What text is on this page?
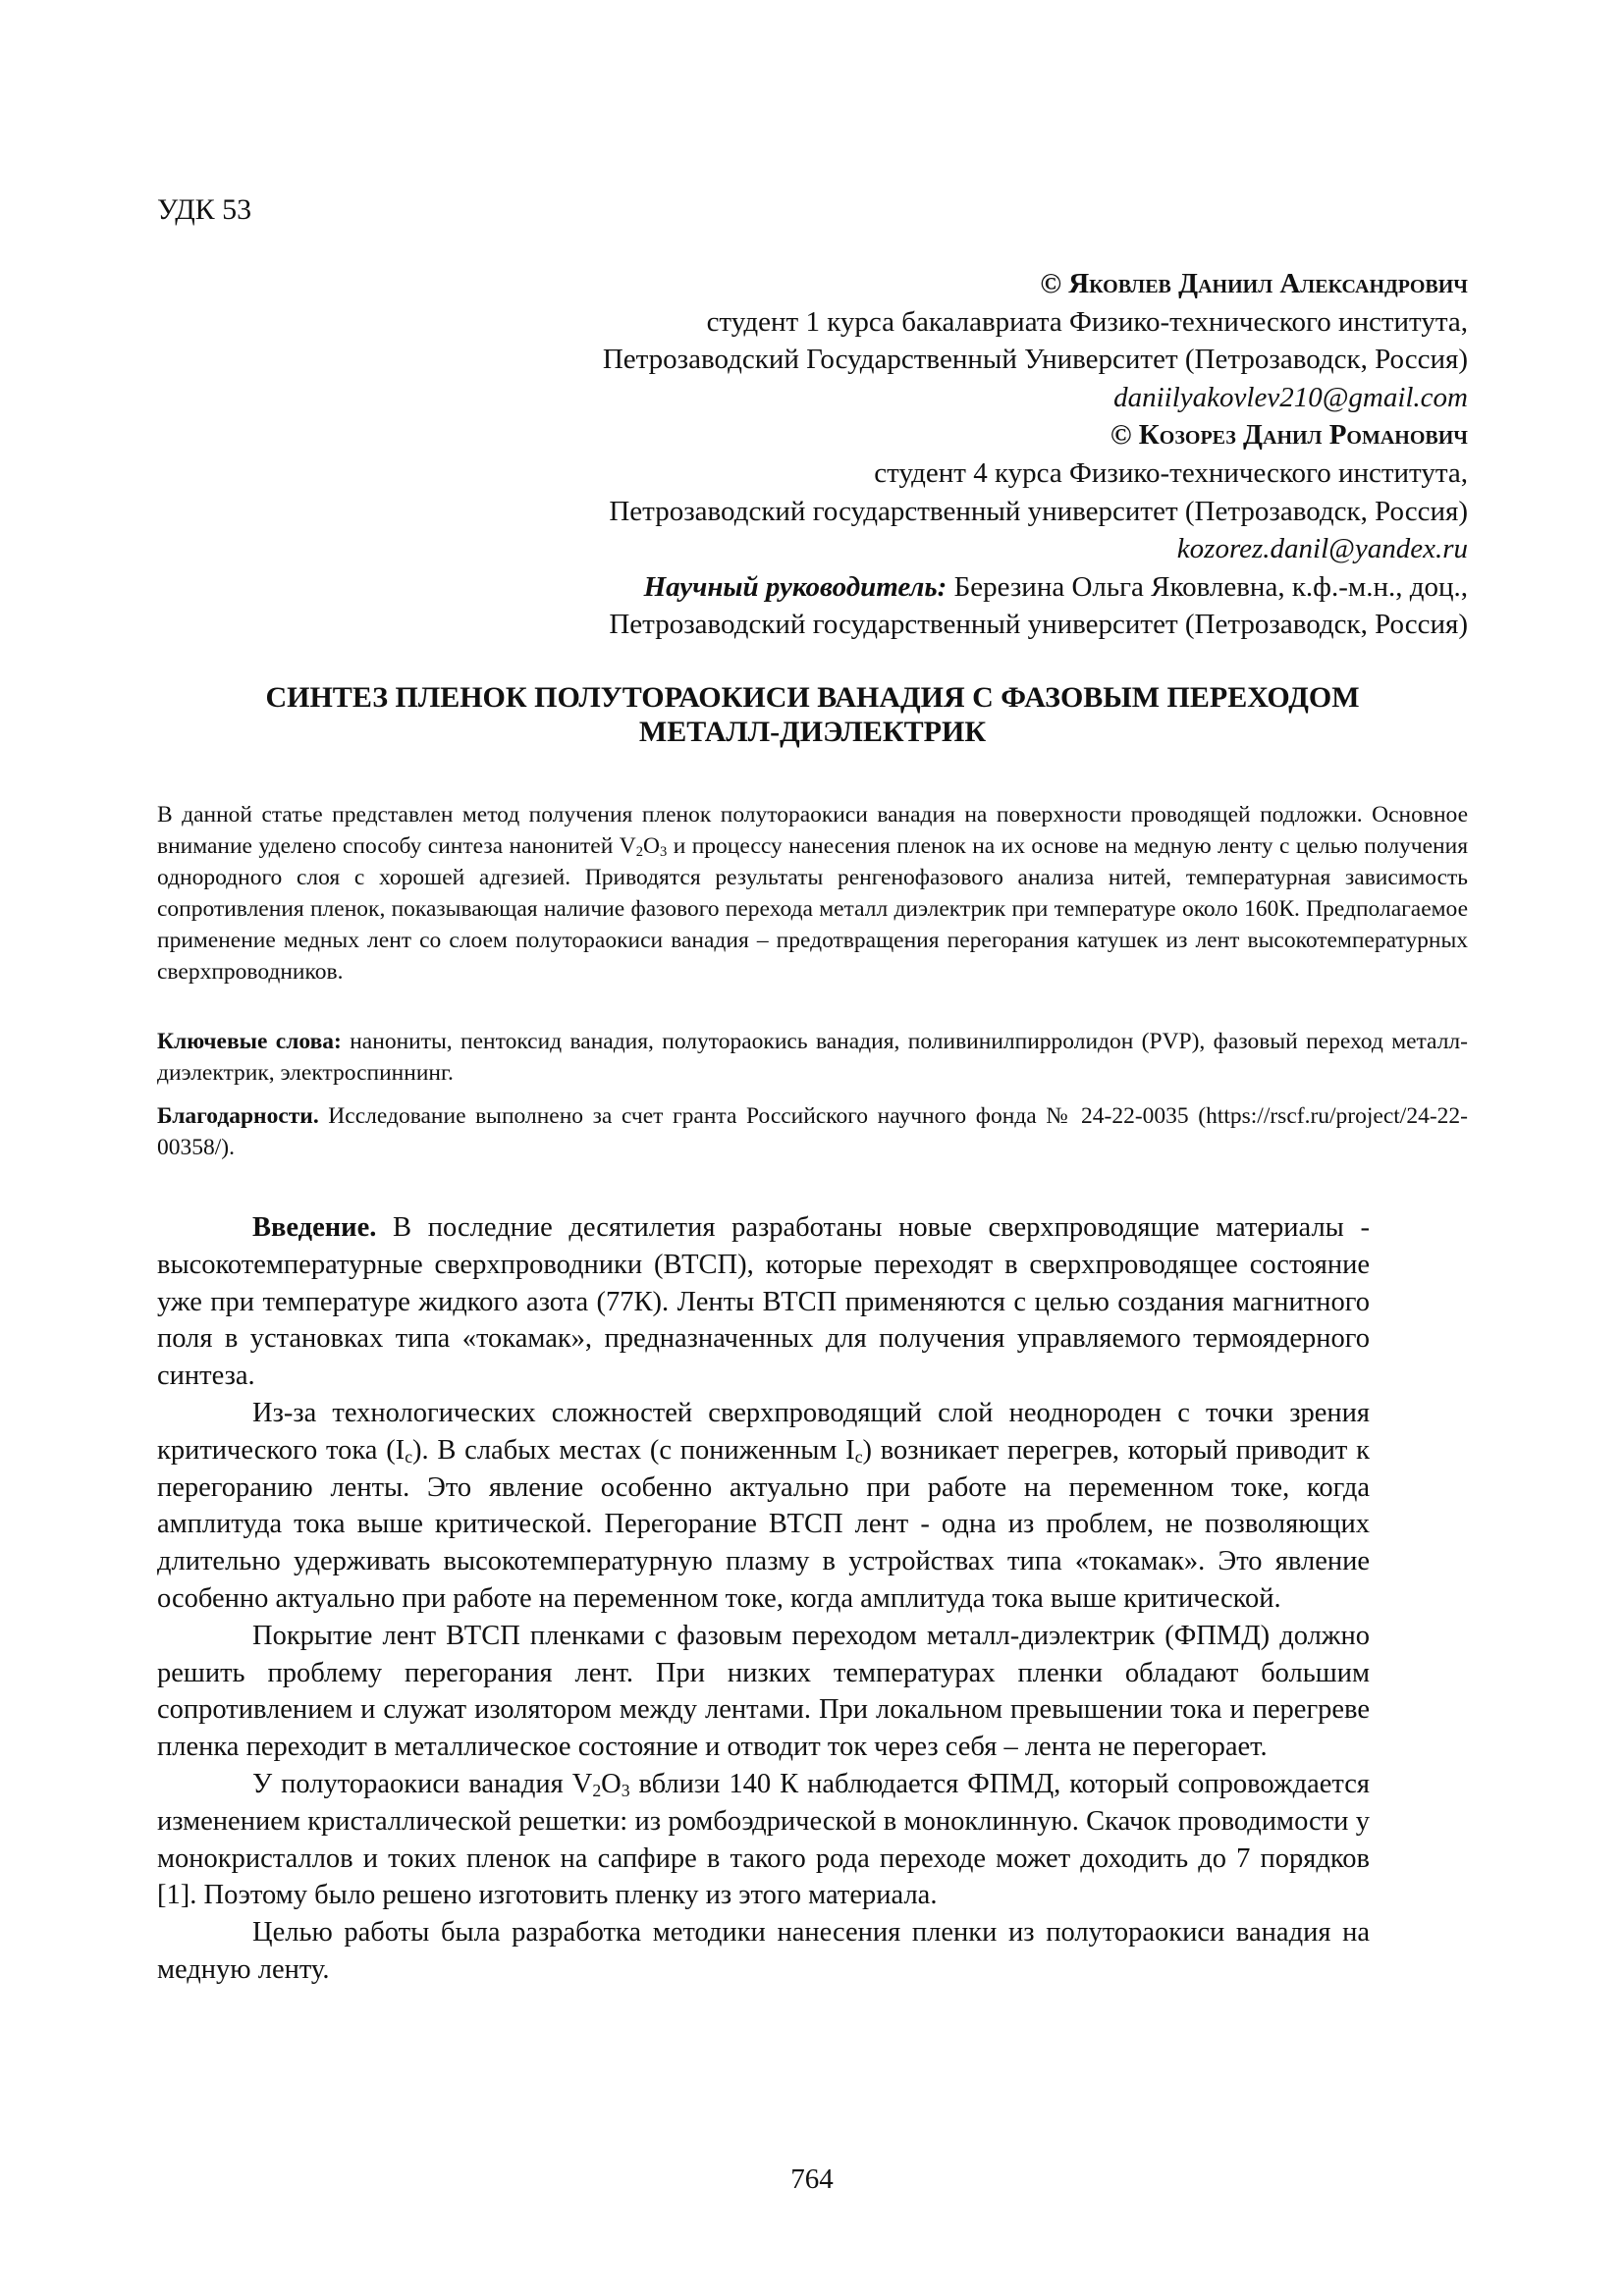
УДК 53
© Яковлев Даниил Александрович
студент 1 курса бакалавриата Физико-технического института,
Петрозаводский Государственный Университет (Петрозаводск, Россия)
daniilyakovlev210@gmail.com
© Козорез Данил Романович
студент 4 курса Физико-технического института,
Петрозаводский государственный университет (Петрозаводск, Россия)
kozorez.danil@yandex.ru
Научный руководитель: Березина Ольга Яковлевна, к.ф.-м.н., доц.,
Петрозаводский государственный университет (Петрозаводск, Россия)
СИНТЕЗ ПЛЕНОК ПОЛУТОРАОКИСИ ВАНАДИЯ С ФАЗОВЫМ ПЕРЕХОДОМ
МЕТАЛЛ-ДИЭЛЕКТРИК
В данной статье представлен метод получения пленок полуторaокиси ванадия на поверхности проводящей подложки. Основное внимание уделено способу синтеза нанонитей $V_2O_3$ и процессу нанесения пленок на их основе на медную ленту с целью получения однородного слоя с хорошей адгезией. Приводятся результаты ренгенофазового анализа нитей, температурная зависимость сопротивления пленок, показывающая наличие фазового перехода металл диэлектрик при температуре около 160К. Предполагаемое применение медных лент со слоем полуторaокиси ванадия – предотвращения перегорания катушек из лент высокотемпературных сверхпроводников.
Ключевые слова: нанониты, пентоксид ванадия, полуторaокись ванадия, поливинилпирролидон (PVP), фазовый переход металл-диэлектрик, электроспиннинг.
Благодарности. Исследование выполнено за счет гранта Российского научного фонда № 24-22-0035 (https://rscf.ru/project/24-22-00358/).

Введение. В последние десятилетия разработаны новые сверхпроводящие материалы - высокотемпературные сверхпроводники (ВТСП), которые переходят в сверхпроводящее состояние уже при температуре жидкого азота (77К). Ленты ВТСП применяются с целью создания магнитного поля в установках типа «токамак», предназначенных для получения управляемого термоядерного синтеза.

Из-за технологических сложностей сверхпроводящий слой неоднороден с точки зрения критического тока $(I_c)$. В слабых местах (с пониженным $I_c$) возникает перегрев, который приводит к перегоранию ленты. Это явление особенно актуально при работе на переменном токе, когда амплитуда тока выше критической. Перегорание ВТСП лент - одна из проблем, не позволяющих длительно удерживать высокотемпературную плазму в устройствах типа «токамак». Это явление особенно актуально при работе на переменном токе, когда амплитуда тока выше критической.

Покрытие лент ВТСП пленками с фазовым переходом металл-диэлектрик (ФПМД) должно решить проблему перегорания лент. При низких температурах пленки обладают большим сопротивлением и служат изолятором между лентами. При локальном превышении тока и перегреве пленка переходит в металлическое состояние и отводит ток через себя – лента не перегорает.

У полуторaокиси ванадия $V_2O_3$ вблизи 140 К наблюдается ФПМД, который сопровождается изменением кристаллической решетки: из ромбоэдрической в моноклинную. Скачок проводимости у монокристаллов и токих пленок на сапфире в такого рода переходе может доходить до 7 порядков [1]. Поэтому было решено изготовить пленку из этого материала.

Целью работы была разработка методики нанесения пленки из полуторaокиси ванадия на медную ленту.

764
